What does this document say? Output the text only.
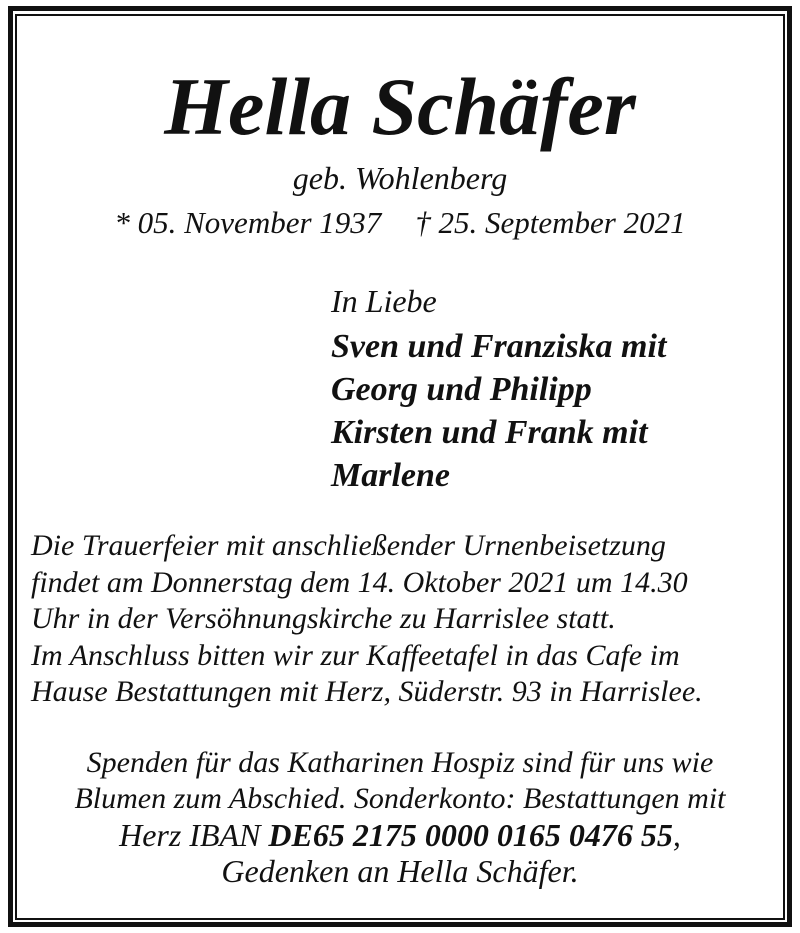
Hella Schäfer
geb. Wohlenberg
* 05. November 1937 † 25. September 2021
In Liebe
Sven und Franziska mit
Georg und Philipp
Kirsten und Frank mit
Marlene
Die Trauerfeier mit anschließender Urnenbeisetzung
findet am Donnerstag dem 14. Oktober 2021 um 14.30
Uhr in der Versöhnungskirche zu Harrislee statt.
Im Anschluss bitten wir zur Kaffeetafel in das Cafe im
Hause Bestattungen mit Herz, Süderstr. 93 in Harrislee.
Spenden für das Katharinen Hospiz sind für uns wie
Blumen zum Abschied. Sonderkonto: Bestattungen mit
Herz IBAN DE65 2175 0000 0165 0476 55,
Gedenken an Hella Schäfer.
